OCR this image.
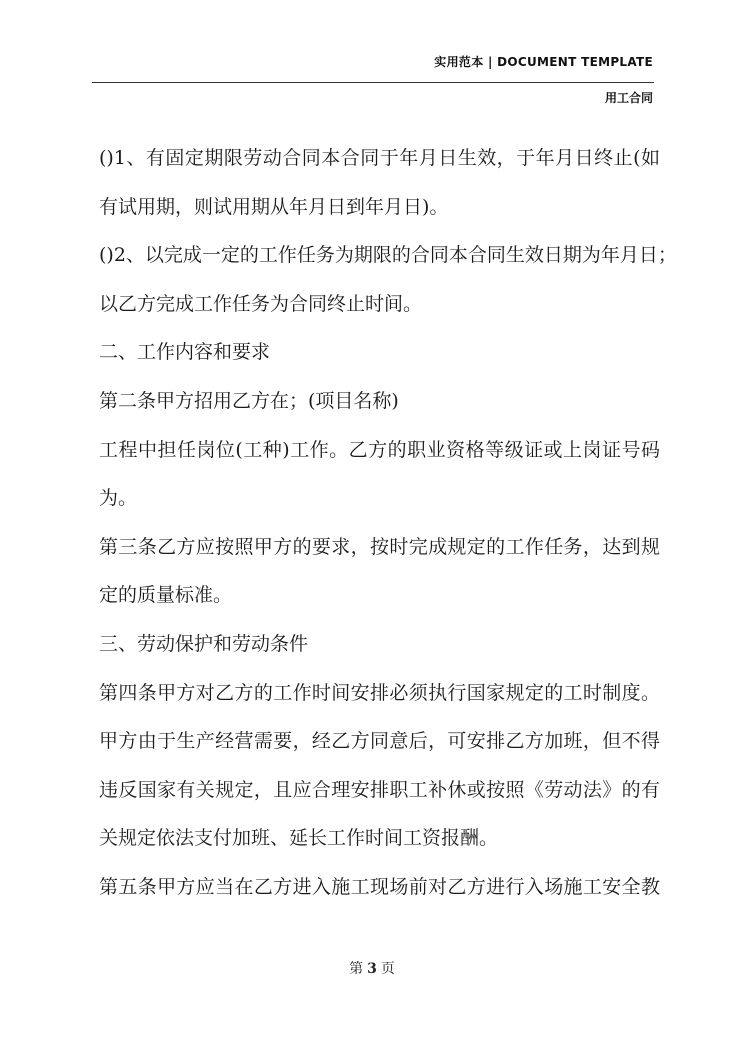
实用范本 | DOCUMENT TEMPLATE
用工合同
()1、有固定期限劳动合同本合同于年月日生效，于年月日终止(如
有试用期，则试用期从年月日到年月日)。
()2、以完成一定的工作任务为期限的合同本合同生效日期为年月日；
以乙方完成工作任务为合同终止时间。
二、工作内容和要求
第二条甲方招用乙方在；(项目名称)
工程中担任岗位(工种)工作。乙方的职业资格等级证或上岗证号码
为。
第三条乙方应按照甲方的要求，按时完成规定的工作任务，达到规
定的质量标准。
三、劳动保护和劳动条件
第四条甲方对乙方的工作时间安排必须执行国家规定的工时制度。
甲方由于生产经营需要，经乙方同意后，可安排乙方加班，但不得
违反国家有关规定，且应合理安排职工补休或按照《劳动法》的有
关规定依法支付加班、延长工作时间工资报酬。
第五条甲方应当在乙方进入施工现场前对乙方进行入场施工安全教
第 3 页
